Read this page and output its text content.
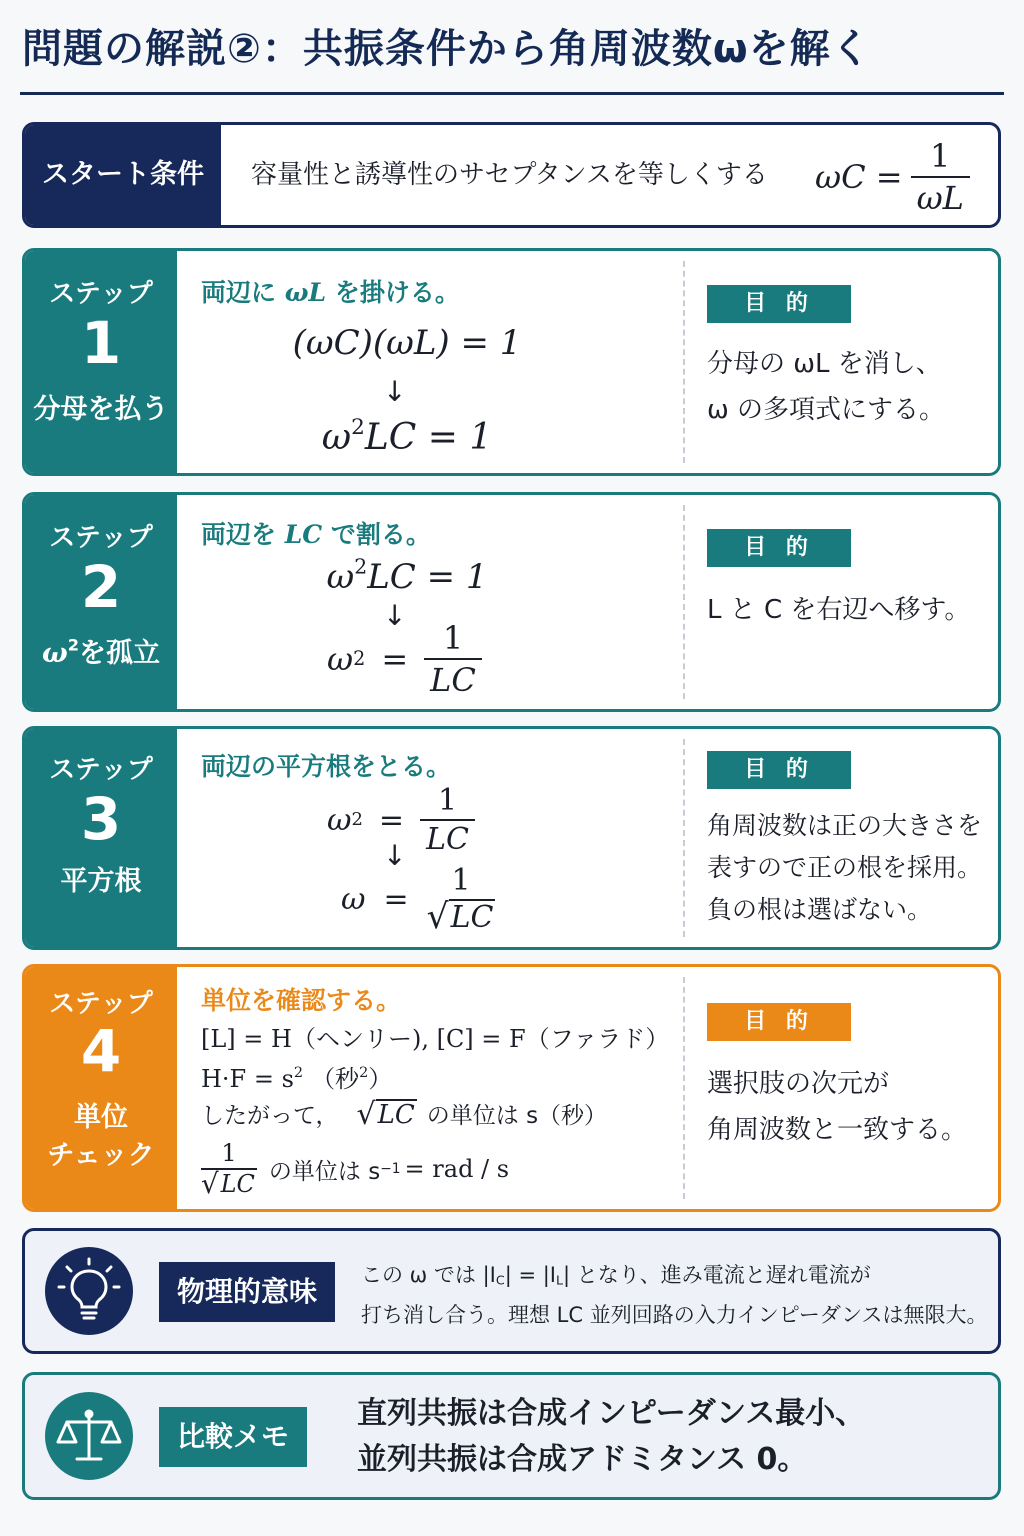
問題の解説②：共振条件から角周波数ωを解く
スタート条件	容量性と誘導性のサセプタンスを等しくする $\omega C = \frac{1}{\omega L}$
ステップ
1
分母を払う
両辺に ωL を掛ける。
(ωC)(ωL) = 1
↓
$\omega^2LC = 1$
目 的
分母の ωL を消し、
ω の多項式にする。
ステップ
2
$\omega^2$を孤立
両辺を LC で割る。
$\omega^2LC = 1$
↓
ω $2 = \frac{1}{LC}$
目 的
L と C を右辺へ移す。
ステップ
3
平方根
両辺の平方根をとる。
ω $2 = \frac{1}{LC}$
↓
ω =
1
√ LC
目 的
角周波数は正の大きさを
表すので正の根を採用。
負の根は選ばない。
ステップ
4
単位
チェック
単位を確認する。
[L] = H（ヘンリー), [C] = F（ファラド）
$H\cdot F = s^2$ （秒$^2$）
したがって， √ LC の単位は s（秒）
$\frac{1}{√ LC}$ の単位は s −1 = rad / s
目 的
選択肢の次元が
角周波数と一致する。
物理的意味	この ω では $|I_C| = |I_L|$ となり、進み電流と遅れ電流が
打ち消し合う。理想 LC 並列回路の入力インピーダンスは無限大。
比較メモ
直列共振は合成インピーダンス最小、
並列共振は合成アドミタンス 0。
